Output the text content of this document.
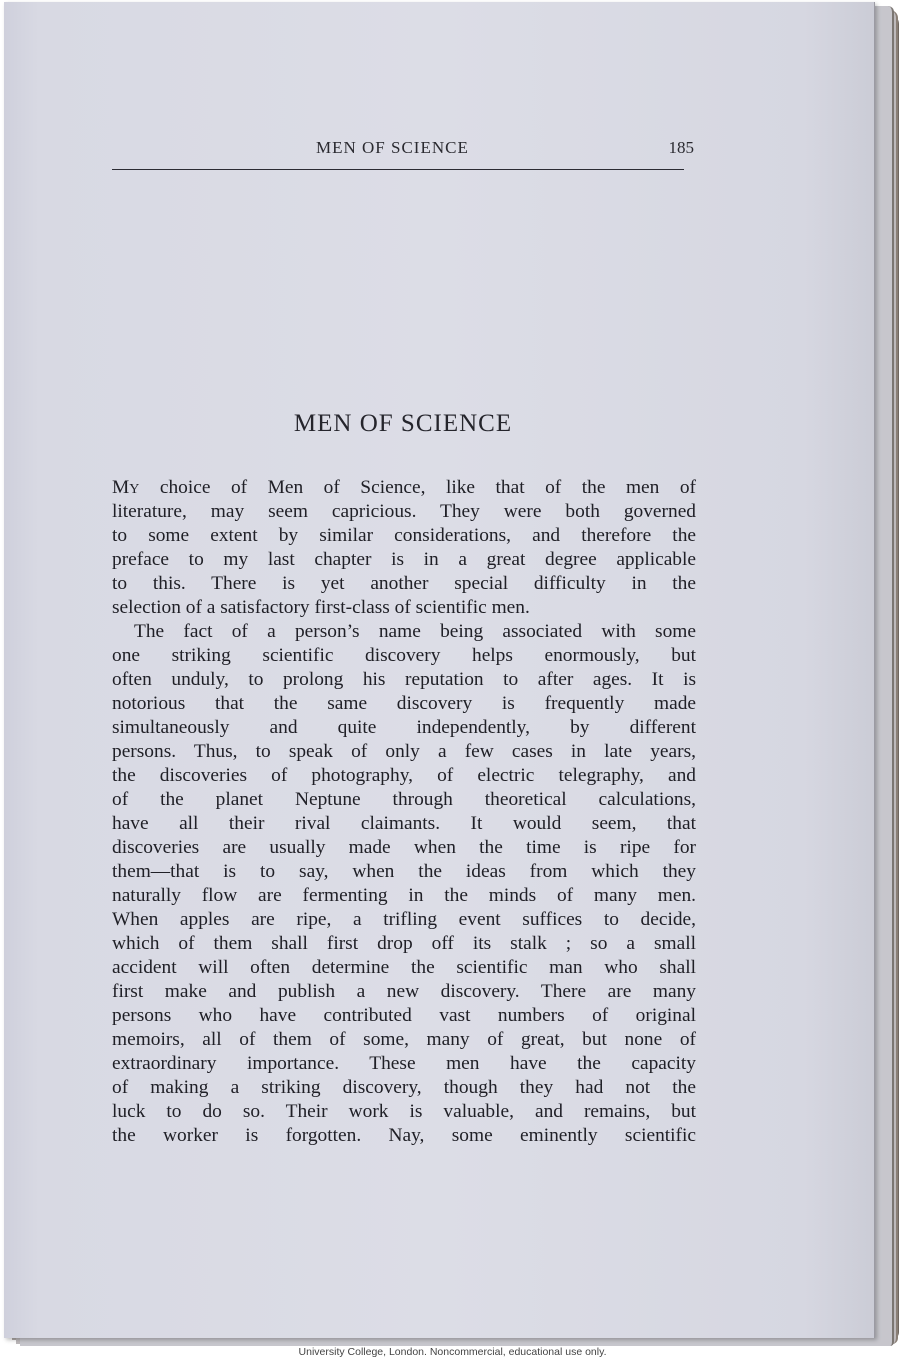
MEN OF SCIENCE	185
MEN OF SCIENCE
My choice of Men of Science, like that of the men of
literature, may seem capricious. They were both governed
to some extent by similar considerations, and therefore the
preface to my last chapter is in a great degree applicable
to this. There is yet another special difficulty in the
selection of a satisfactory first-class of scientific men.
The fact of a person’s name being associated with some
one striking scientific discovery helps enormously, but
often unduly, to prolong his reputation to after ages. It is
notorious that the same discovery is frequently made
simultaneously and quite independently, by different
persons. Thus, to speak of only a few cases in late years,
the discoveries of photography, of electric telegraphy, and
of the planet Neptune through theoretical calculations,
have all their rival claimants. It would seem, that
discoveries are usually made when the time is ripe for
them—that is to say, when the ideas from which they
naturally flow are fermenting in the minds of many men.
When apples are ripe, a trifling event suffices to decide,
which of them shall first drop off its stalk ; so a small
accident will often determine the scientific man who shall
first make and publish a new discovery. There are many
persons who have contributed vast numbers of original
memoirs, all of them of some, many of great, but none of
extraordinary importance. These men have the capacity
of making a striking discovery, though they had not the
luck to do so. Their work is valuable, and remains, but
the worker is forgotten. Nay, some eminently scientific
University College, London. Noncommercial, educational use only.
